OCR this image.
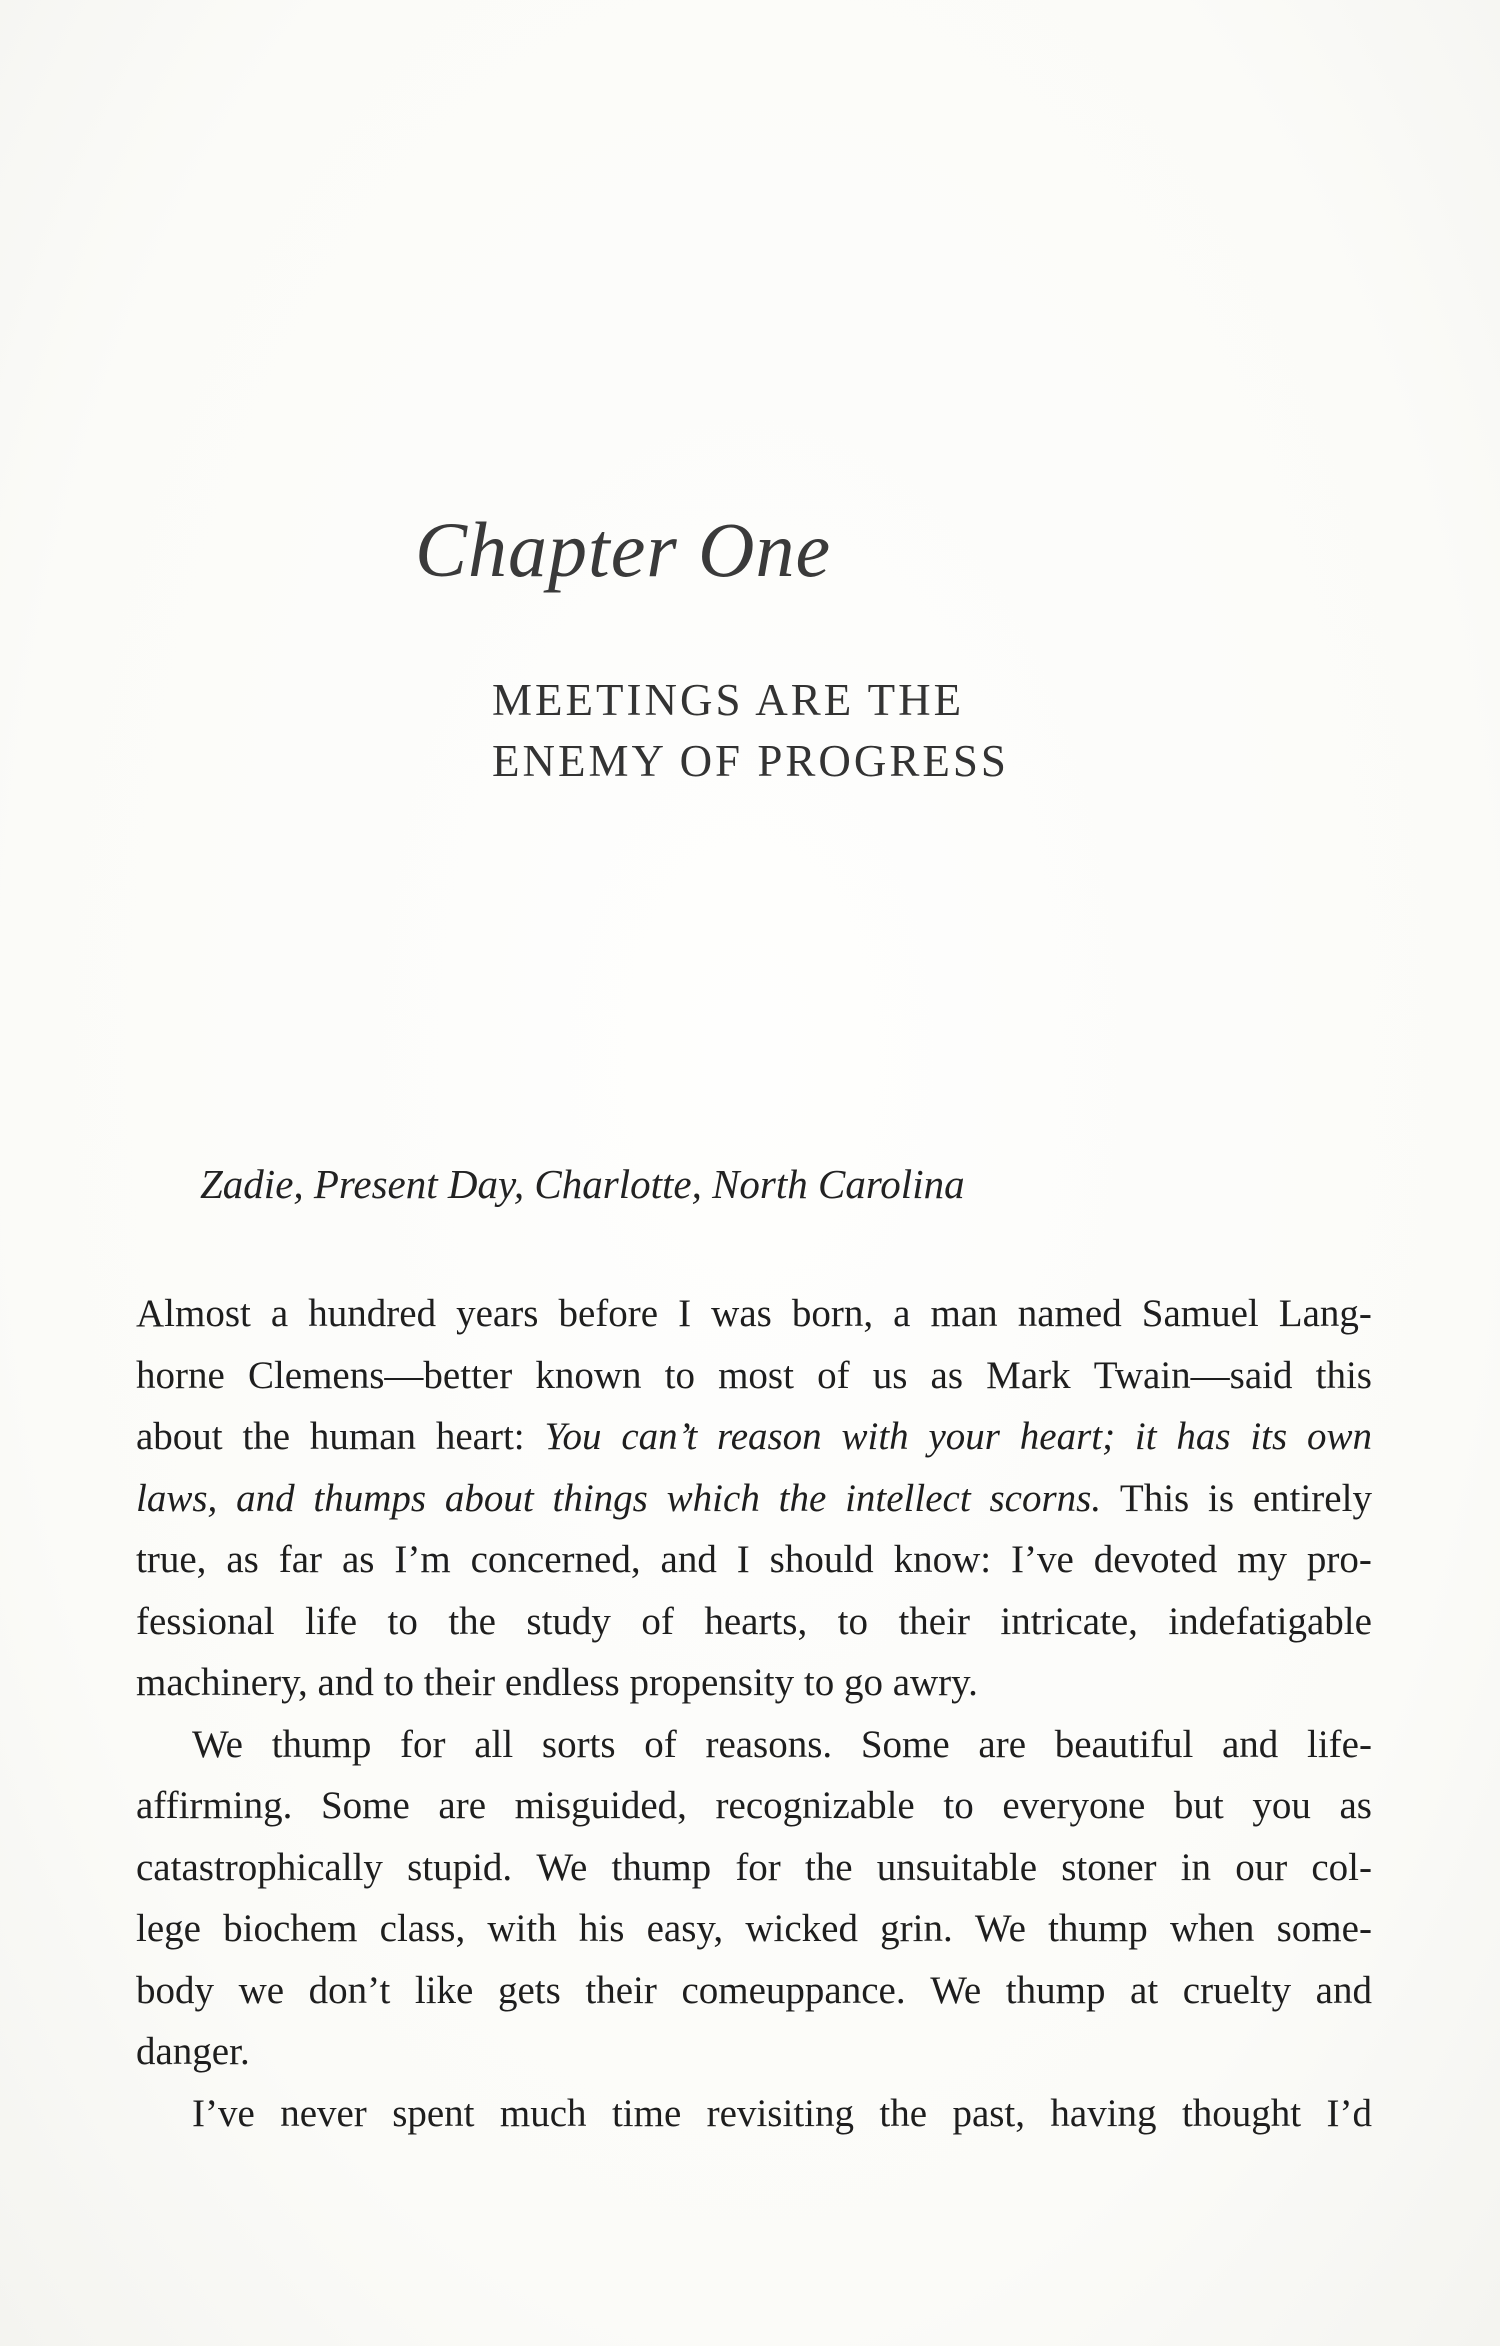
Chapter One
MEETINGS ARE THE
ENEMY OF PROGRESS

Zadie, Present Day, Charlotte, North Carolina

Almost a hundred years before I was born, a man named Samuel Lang-
horne Clemens—better known to most of us as Mark Twain—said this
about the human heart: You can’t reason with your heart; it has its own
laws, and thumps about things which the intellect scorns. This is entirely
true, as far as I’m concerned, and I should know: I’ve devoted my pro-
fessional life to the study of hearts, to their intricate, indefatigable
machinery, and to their endless propensity to go awry.
We thump for all sorts of reasons. Some are beautiful and life-
affirming. Some are misguided, recognizable to everyone but you as
catastrophically stupid. We thump for the unsuitable stoner in our col-
lege biochem class, with his easy, wicked grin. We thump when some-
body we don’t like gets their comeuppance. We thump at cruelty and
danger.
I’ve never spent much time revisiting the past, having thought I’d
